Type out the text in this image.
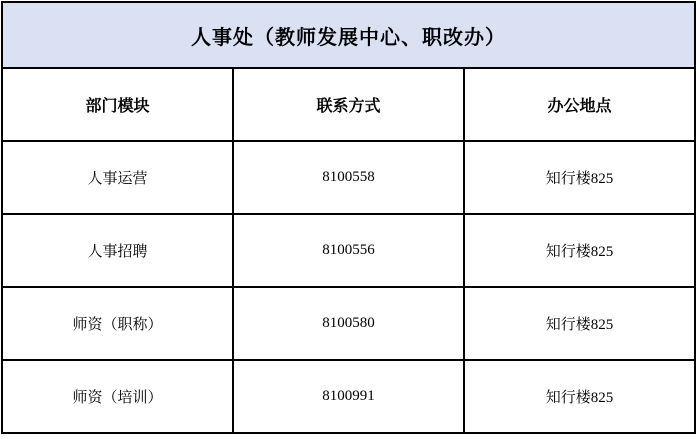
人事处（教师发展中心、职改办）		
部门模块	联系方式	办公地点
人事运营	8100558	知行楼825
人事招聘	8100556	知行楼825
师资（职称）	8100580	知行楼825
师资（培训）	8100991	知行楼825
